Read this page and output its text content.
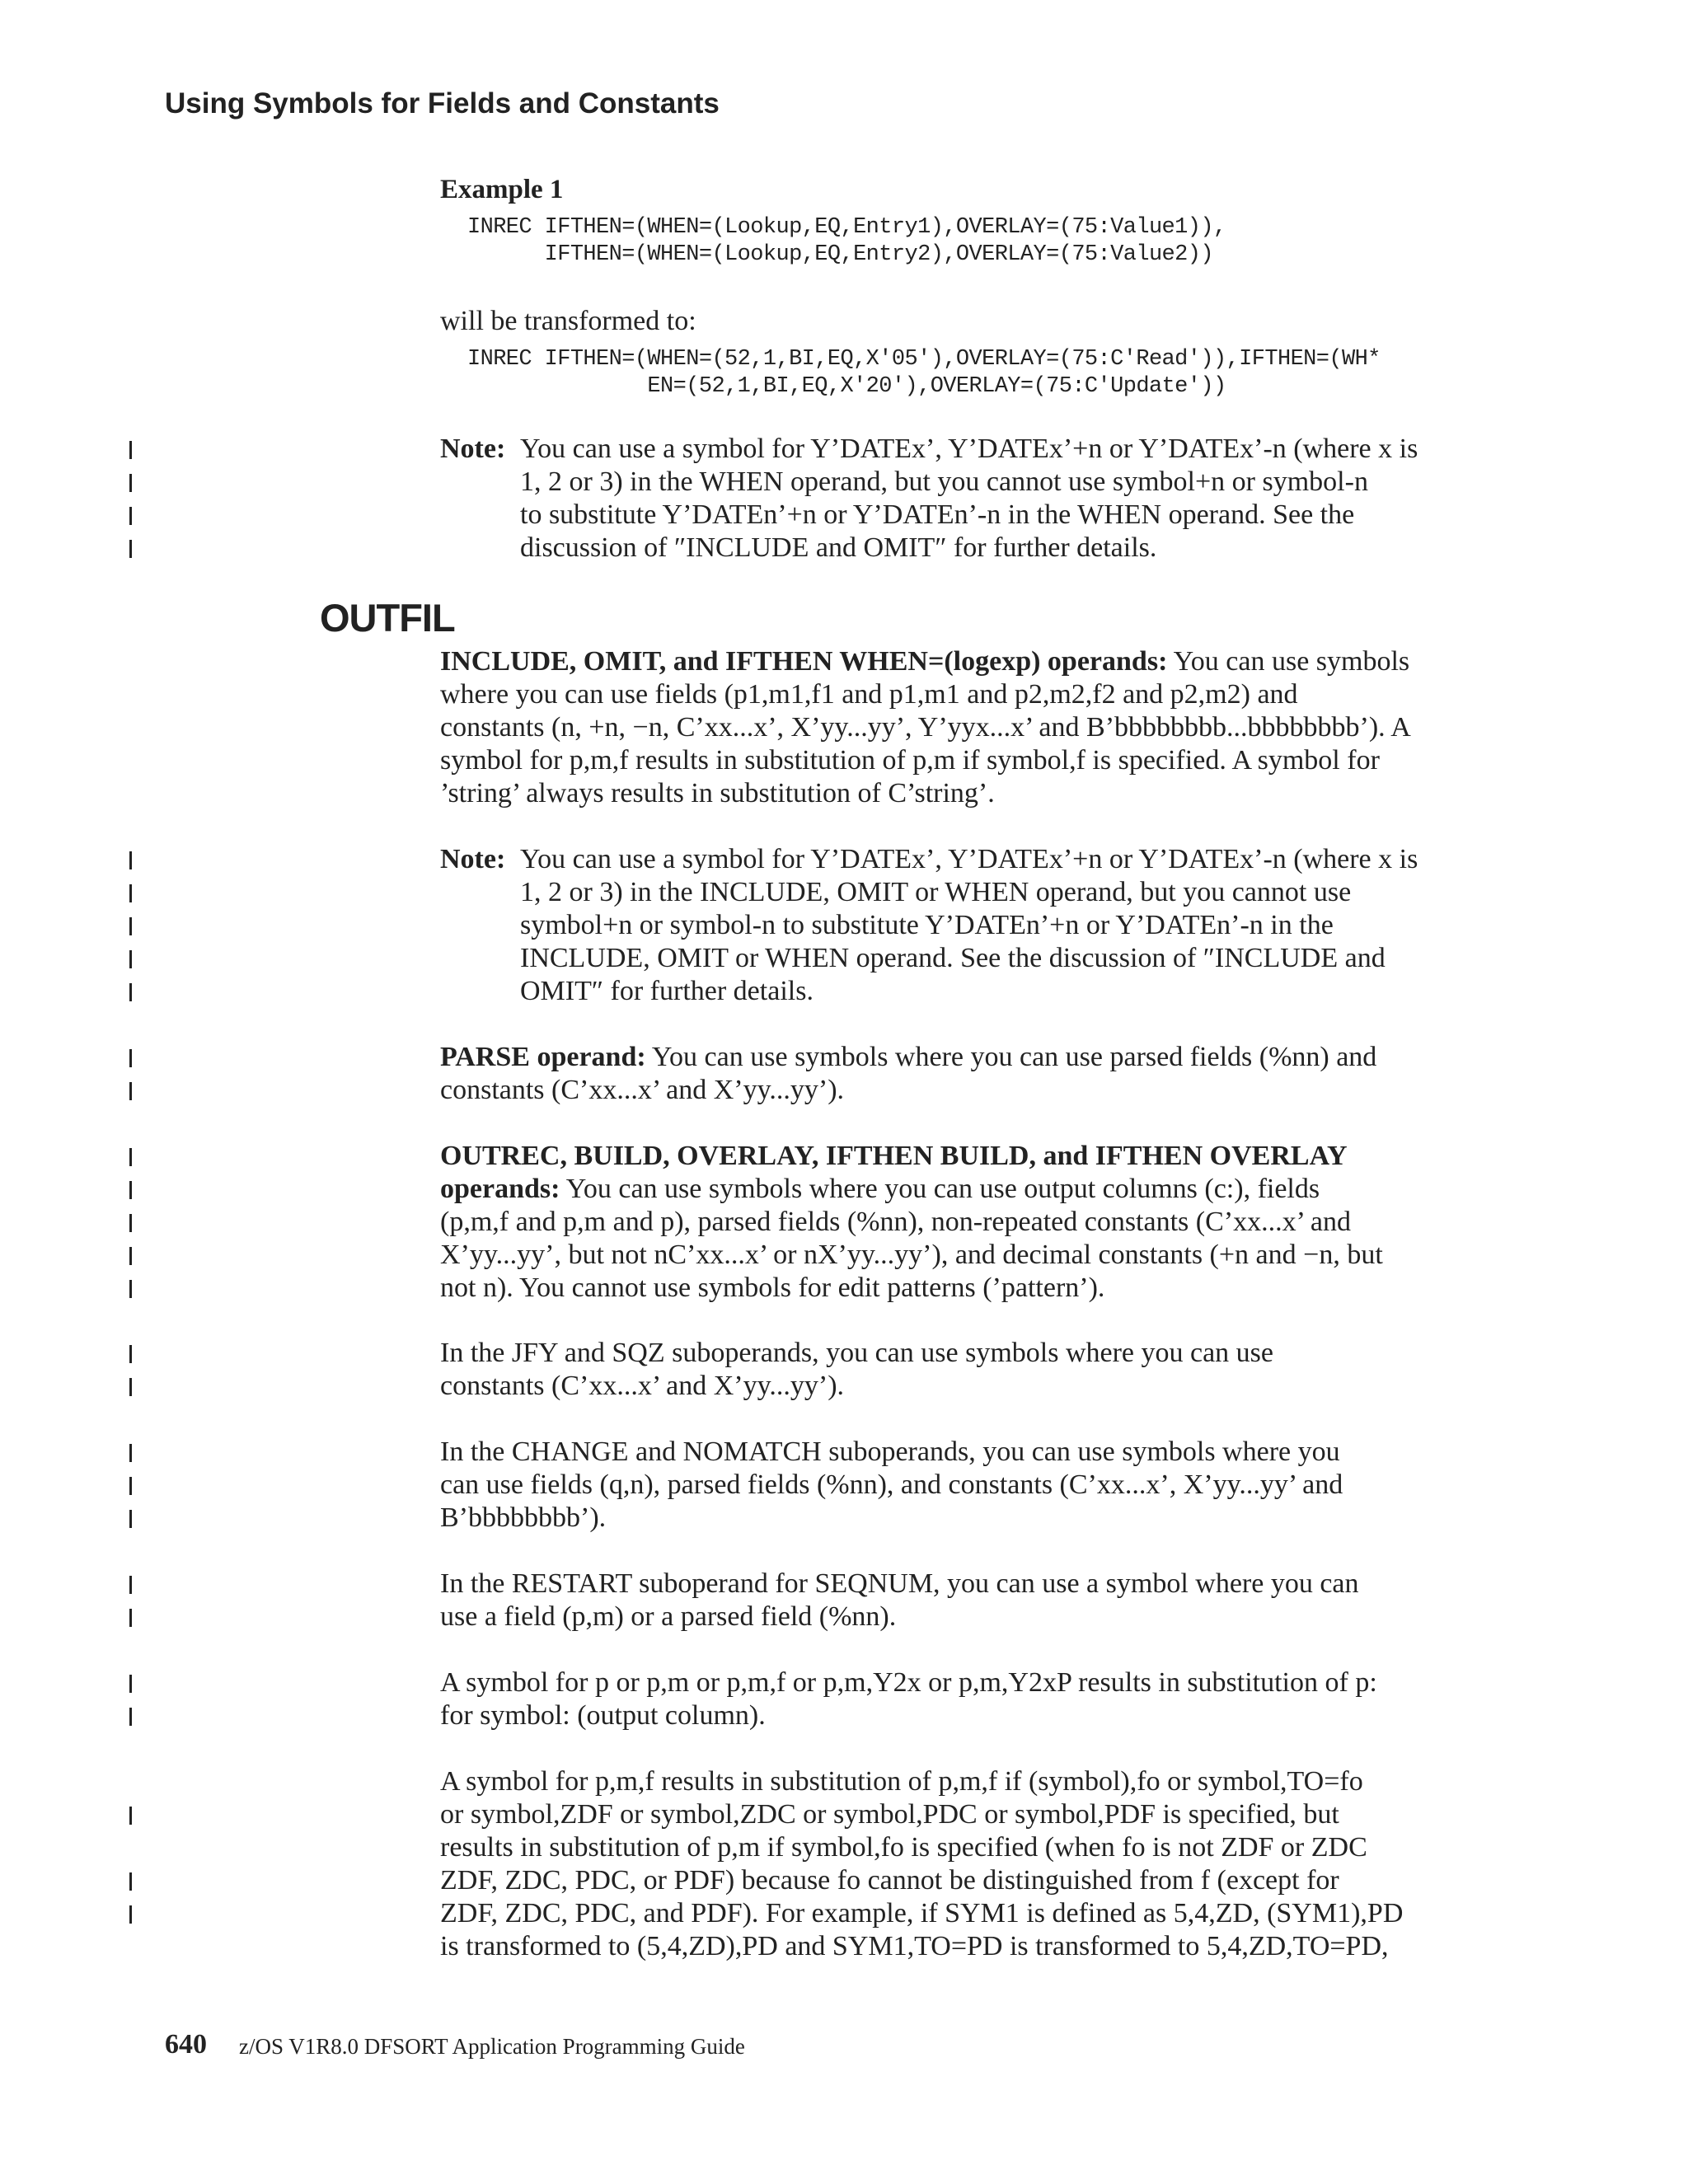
Using Symbols for Fields and Constants
Example 1
INREC IFTHEN=(WHEN=(Lookup,EQ,Entry1),OVERLAY=(75:Value1)),
IFTHEN=(WHEN=(Lookup,EQ,Entry2),OVERLAY=(75:Value2))

will be transformed to:

INREC IFTHEN=(WHEN=(52,1,BI,EQ,X'05'),OVERLAY=(75:C'Read')),IFTHEN=(WH*
EN=(52,1,BI,EQ,X'20'),OVERLAY=(75:C'Update'))
Note: You can use a symbol for Y’DATEx’, Y’DATEx’+n or Y’DATEx’-n (where x is
1, 2 or 3) in the WHEN operand, but you cannot use symbol+n or symbol-n
to substitute Y’DATEn’+n or Y’DATEn’-n in the WHEN operand. See the
discussion of ″INCLUDE and OMIT″ for further details.
OUTFIL

INCLUDE, OMIT, and IFTHEN WHEN=(logexp) operands: You can use symbols
where you can use fields (p1,m1,f1 and p1,m1 and p2,m2,f2 and p2,m2) and
constants (n, +n, −n, C’xx...x’, X’yy...yy’, Y’yyx...x’ and B’bbbbbbbb...bbbbbbbb’). A
symbol for p,m,f results in substitution of p,m if symbol,f is specified. A symbol for
’string’ always results in substitution of C’string’.

Note: You can use a symbol for Y’DATEx’, Y’DATEx’+n or Y’DATEx’-n (where x is
1, 2 or 3) in the INCLUDE, OMIT or WHEN operand, but you cannot use
symbol+n or symbol-n to substitute Y’DATEn’+n or Y’DATEn’-n in the
INCLUDE, OMIT or WHEN operand. See the discussion of ″INCLUDE and
OMIT″ for further details.

PARSE operand: You can use symbols where you can use parsed fields (%nn) and
constants (C’xx...x’ and X’yy...yy’).

OUTREC, BUILD, OVERLAY, IFTHEN BUILD, and IFTHEN OVERLAY
operands: You can use symbols where you can use output columns (c:), fields
(p,m,f and p,m and p), parsed fields (%nn), non-repeated constants (C’xx...x’ and
X’yy...yy’, but not nC’xx...x’ or nX’yy...yy’), and decimal constants (+n and −n, but
not n). You cannot use symbols for edit patterns (’pattern’).

In the JFY and SQZ suboperands, you can use symbols where you can use
constants (C’xx...x’ and X’yy...yy’).

In the CHANGE and NOMATCH suboperands, you can use symbols where you
can use fields (q,n), parsed fields (%nn), and constants (C’xx...x’, X’yy...yy’ and
B’bbbbbbbb’).

In the RESTART suboperand for SEQNUM, you can use a symbol where you can
use a field (p,m) or a parsed field (%nn).

A symbol for p or p,m or p,m,f or p,m,Y2x or p,m,Y2xP results in substitution of p:
for symbol: (output column).

A symbol for p,m,f results in substitution of p,m,f if (symbol),fo or symbol,TO=fo
or symbol,ZDF or symbol,ZDC or symbol,PDC or symbol,PDF is specified, but
results in substitution of p,m if symbol,fo is specified (when fo is not ZDF or ZDC
ZDF, ZDC, PDC, or PDF) because fo cannot be distinguished from f (except for
ZDF, ZDC, PDC, and PDF). For example, if SYM1 is defined as 5,4,ZD, (SYM1),PD
is transformed to (5,4,ZD),PD and SYM1,TO=PD is transformed to 5,4,ZD,TO=PD,

640 z/OS V1R8.0 DFSORT Application Programming Guide
